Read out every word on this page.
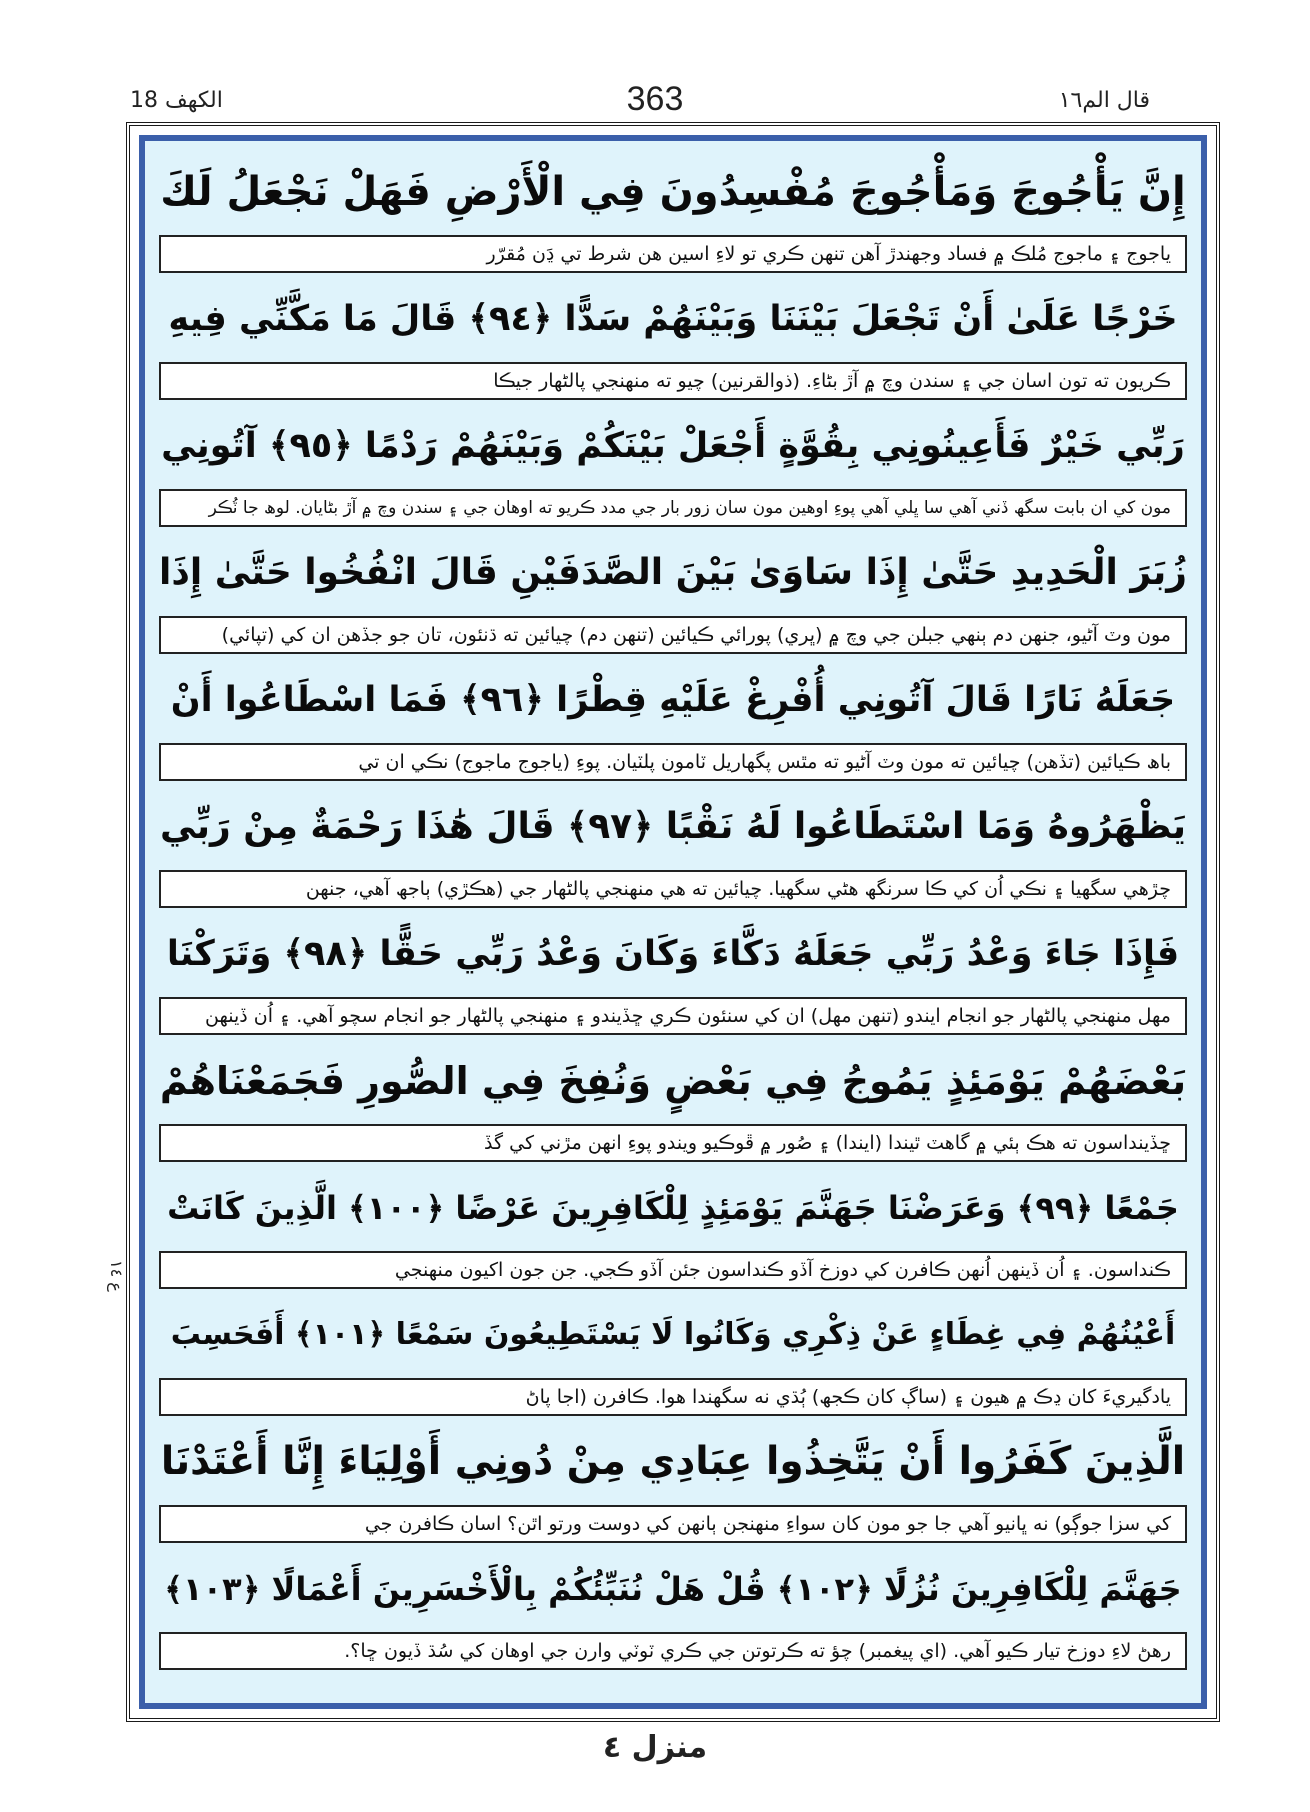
الكهف 18	363	قال الم١٦
إِنَّ يَأْجُوجَ وَمَأْجُوجَ مُفْسِدُونَ فِي الْأَرْضِ فَهَلْ نَجْعَلُ لَكَ
ياجوج ۽ ماجوج مُلڪ ۾ فساد وجهندڙ آهن تنهن ڪري تو لاءِ اسين هن شرط تي ڍَن مُقرّر
خَرْجًا عَلَىٰ أَنْ تَجْعَلَ بَيْنَنَا وَبَيْنَهُمْ سَدًّا ﴿٩٤﴾ قَالَ مَا مَكَّنِّي فِيهِ
ڪريون ته تون اسان جي ۽ سندن وچ ۾ آڙ بڻاءِ. (ذوالقرنين) چيو ته منهنجي پالڻهار جيڪا
رَبِّي خَيْرٌ فَأَعِينُونِي بِقُوَّةٍ أَجْعَلْ بَيْنَكُمْ وَبَيْنَهُمْ رَدْمًا ﴿٩٥﴾ آتُونِي
مون کي ان بابت سگھ ڏني آهي سا ڀلي آهي پوءِ اوهين مون سان زور بار جي مدد ڪريو ته اوهان جي ۽ سندن وچ ۾ آڙ بڻايان. لوھ جا ٽُڪر
زُبَرَ الْحَدِيدِ حَتَّىٰ إِذَا سَاوَىٰ بَيْنَ الصَّدَفَيْنِ قَالَ انْفُخُوا حَتَّىٰ إِذَا
مون وٽ آڻيو، جنهن دم ٻنهي جبلن جي وچ ۾ (ڀري) پورائي ڪيائين (تنهن دم) چيائين ته ڌنئون، تان جو جڏهن ان کي (تپائي)
جَعَلَهُ نَارًا قَالَ آتُونِي أُفْرِغْ عَلَيْهِ قِطْرًا ﴿٩٦﴾ فَمَا اسْطَاعُوا أَنْ
باھ ڪيائين (تڏهن) چيائين ته مون وٽ آڻيو ته مٿس پگھاريل ٽامون پلٽيان. پوءِ (ياجوج ماجوج) نڪي ان تي
يَظْهَرُوهُ وَمَا اسْتَطَاعُوا لَهُ نَقْبًا ﴿٩٧﴾ قَالَ هَٰذَا رَحْمَةٌ مِنْ رَبِّي
چڙهي سگھيا ۽ نڪي اُن کي ڪا سرنگھ هڻي سگھيا. چيائين ته هي منهنجي پالڻهار جي (هڪڙي) ٻاجھ آهي، جنهن
فَإِذَا جَاءَ وَعْدُ رَبِّي جَعَلَهُ دَكَّاءَ وَكَانَ وَعْدُ رَبِّي حَقًّا ﴿٩٨﴾ وَتَرَكْنَا
مهل منهنجي پالڻهار جو انجام ايندو (تنهن مهل) ان کي سنئون ڪري ڇڏيندو ۽ منهنجي پالڻهار جو انجام سچو آهي. ۽ اُن ڏينهن
بَعْضَهُمْ يَوْمَئِذٍ يَمُوجُ فِي بَعْضٍ وَنُفِخَ فِي الصُّورِ فَجَمَعْنَاهُمْ
ڇڏينداسون ته هڪ ٻئي ۾ گاهٽ ٿيندا (ايندا) ۽ صُور ۾ ڦوڪيو ويندو پوءِ انهن مڙني کي گڏ
جَمْعًا ﴿٩٩﴾ وَعَرَضْنَا جَهَنَّمَ يَوْمَئِذٍ لِلْكَافِرِينَ عَرْضًا ﴿١٠٠﴾ الَّذِينَ كَانَتْ
ڪنداسون. ۽ اُن ڏينهن اُنهن ڪافرن کي دوزخ آڏو ڪنداسون جئن آڏو ڪجي. جن جون اکيون منهنجي
أَعْيُنُهُمْ فِي غِطَاءٍ عَنْ ذِكْرِي وَكَانُوا لَا يَسْتَطِيعُونَ سَمْعًا ﴿١٠١﴾ أَفَحَسِبَ
يادگيريءَ کان ڍڪ ۾ هيون ۽ (ساڳ کان ڪجھ) ٻُڌي نه سگھندا هوا. ڪافرن (اجا پاڻ
الَّذِينَ كَفَرُوا أَنْ يَتَّخِذُوا عِبَادِي مِنْ دُونِي أَوْلِيَاءَ إِنَّا أَعْتَدْنَا
کي سزا جوڳو) نه ڀانيو آهي جا جو مون کان سواءِ منهنجن ٻانهن کي دوست ورتو اٿن؟ اسان ڪافرن جي
جَهَنَّمَ لِلْكَافِرِينَ نُزُلًا ﴿١٠٢﴾ قُلْ هَلْ نُنَبِّئُكُمْ بِالْأَخْسَرِينَ أَعْمَالًا ﴿١٠٣﴾
رهڻ لاءِ دوزخ تيار ڪيو آهي. (اي پيغمبر) چؤ ته ڪرتوتن جي ڪري ٽوٽي وارن جي اوهان کي سُڌ ڏيون ڇا؟.
ع ١٤
منزل ٤
